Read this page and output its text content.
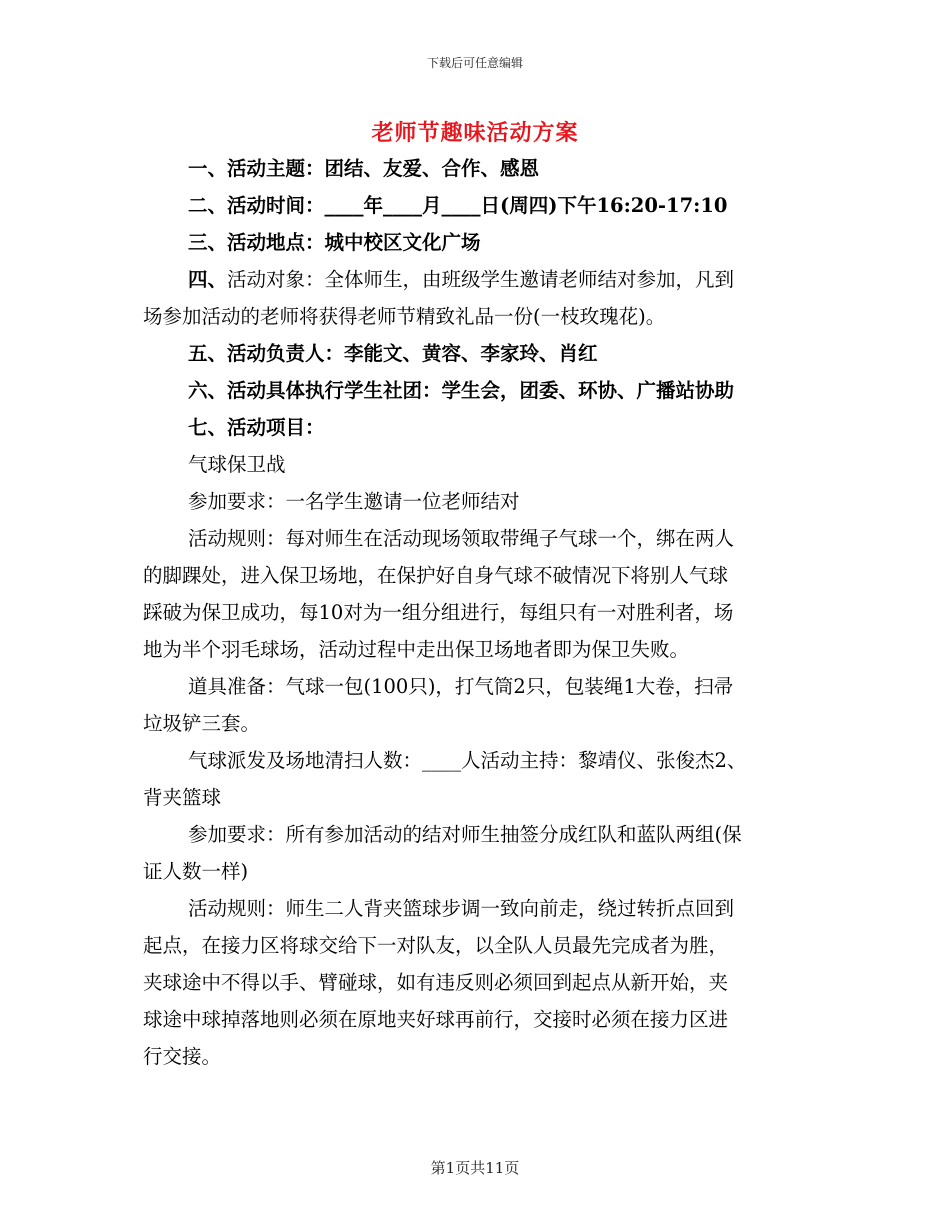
下载后可任意编辑
老师节趣味活动方案
一、活动主题：团结、友爱、合作、感恩
二、活动时间：____年____月____日(周四)下午16:20-17:10
三、活动地点：城中校区文化广场
四、活动对象：全体师生，由班级学生邀请老师结对参加，凡到
场参加活动的老师将获得老师节精致礼品一份(一枝玫瑰花)。
五、活动负责人：李能文、黄容、李家玲、肖红
六、活动具体执行学生社团：学生会，团委、环协、广播站协助
七、活动项目：
气球保卫战
参加要求：一名学生邀请一位老师结对
活动规则：每对师生在活动现场领取带绳子气球一个，绑在两人
的脚踝处，进入保卫场地，在保护好自身气球不破情况下将别人气球
踩破为保卫成功，每10对为一组分组进行，每组只有一对胜利者，场
地为半个羽毛球场，活动过程中走出保卫场地者即为保卫失败。
道具准备：气球一包(100只)，打气筒2只，包装绳1大卷，扫帚
垃圾铲三套。
气球派发及场地清扫人数：____人活动主持：黎靖仪、张俊杰2、
背夹篮球
参加要求：所有参加活动的结对师生抽签分成红队和蓝队两组(保
证人数一样)
活动规则：师生二人背夹篮球步调一致向前走，绕过转折点回到
起点，在接力区将球交给下一对队友，以全队人员最先完成者为胜，
夹球途中不得以手、臂碰球，如有违反则必须回到起点从新开始，夹
球途中球掉落地则必须在原地夹好球再前行，交接时必须在接力区进
行交接。
第1页共11页
